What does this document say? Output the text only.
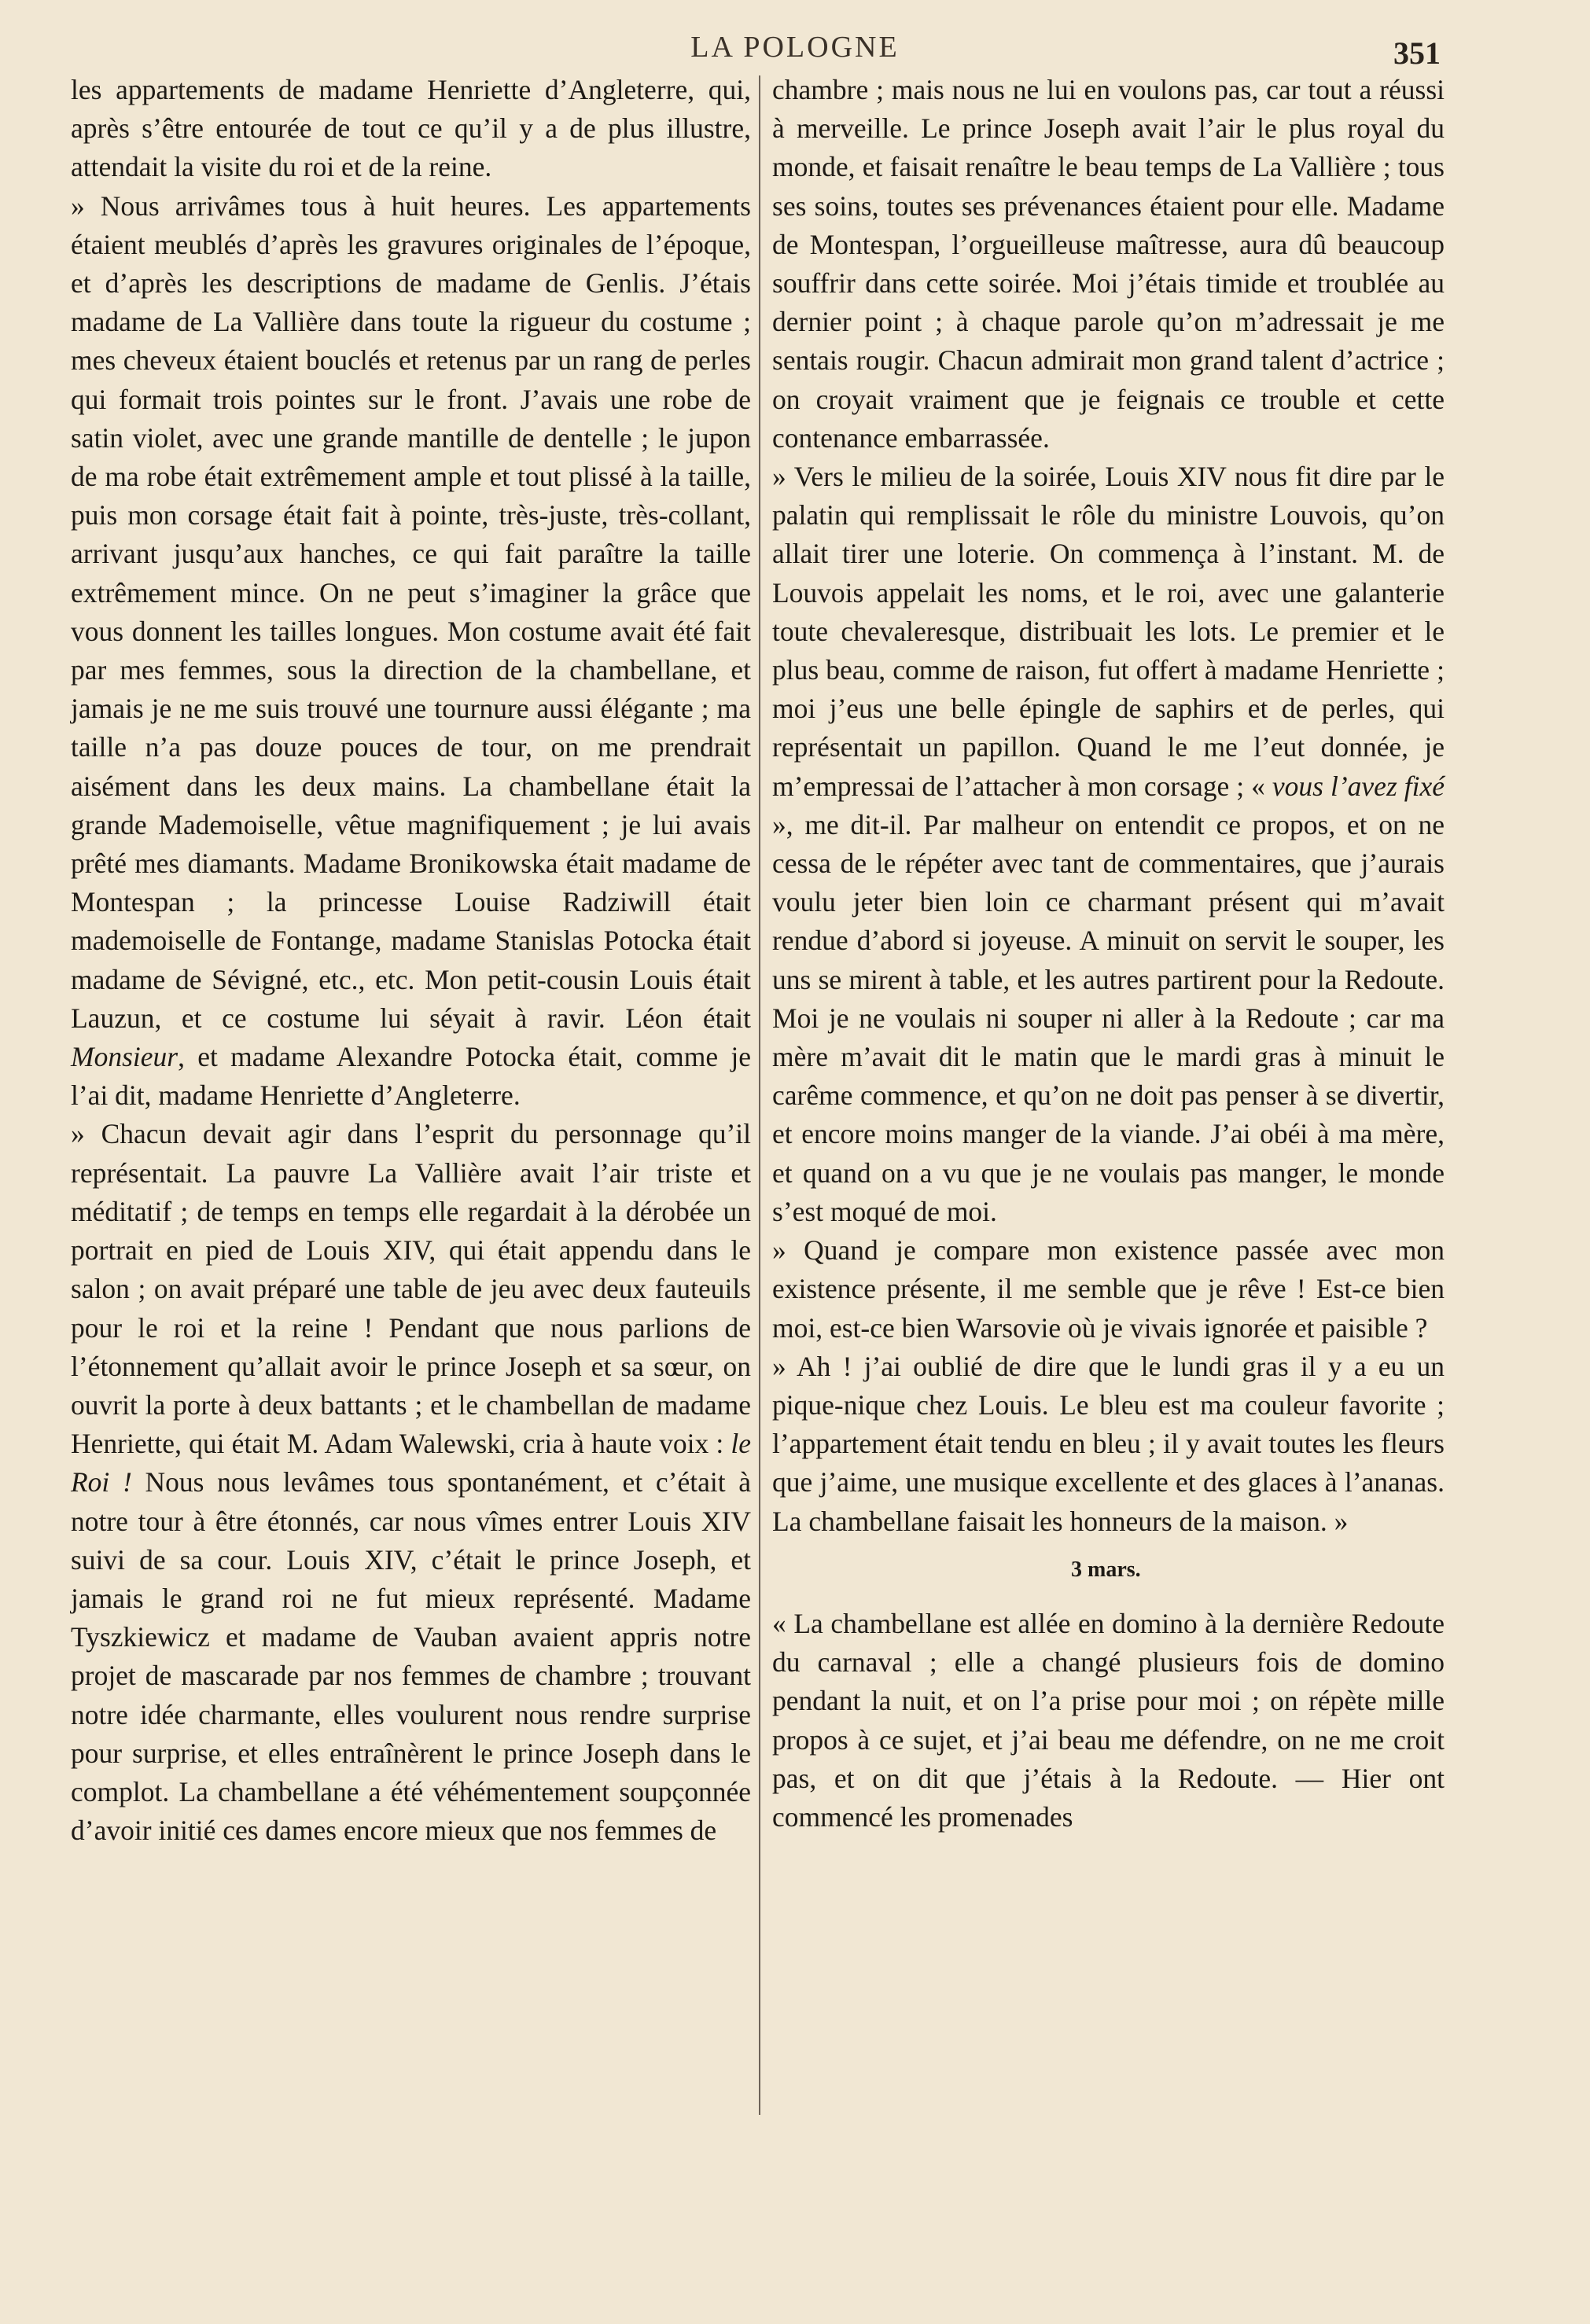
LA POLOGNE	351

les appartements de madame Henriette d’Angleterre, qui, après s’être entourée de tout ce qu’il y a de plus illustre, attendait la visite du roi et de la reine.

» Nous arrivâmes tous à huit heures. Les appartements étaient meublés d’après les gravures originales de l’époque, et d’après les descriptions de madame de Genlis. J’étais madame de La Vallière dans toute la rigueur du costume ; mes cheveux étaient bouclés et retenus par un rang de perles qui formait trois pointes sur le front. J’avais une robe de satin violet, avec une grande mantille de dentelle ; le jupon de ma robe était extrêmement ample et tout plissé à la taille, puis mon corsage était fait à pointe, très-juste, très-collant, arrivant jusqu’aux hanches, ce qui fait paraître la taille extrêmement mince. On ne peut s’imaginer la grâce que vous donnent les tailles longues. Mon costume avait été fait par mes femmes, sous la direction de la chambellane, et jamais je ne me suis trouvé une tournure aussi élégante ; ma taille n’a pas douze pouces de tour, on me prendrait aisément dans les deux mains. La chambellane était la grande Mademoiselle, vêtue magnifiquement ; je lui avais prêté mes diamants. Madame Bronikowska était madame de Montespan ; la princesse Louise Radziwill était mademoiselle de Fontange, madame Stanislas Potocka était madame de Sévigné, etc., etc. Mon petit-cousin Louis était Lauzun, et ce costume lui séyait à ravir. Léon était Monsieur, et madame Alexandre Potocka était, comme je l’ai dit, madame Henriette d’Angleterre.

» Chacun devait agir dans l’esprit du personnage qu’il représentait. La pauvre La Vallière avait l’air triste et méditatif ; de temps en temps elle regardait à la dérobée un portrait en pied de Louis XIV, qui était appendu dans le salon ; on avait préparé une table de jeu avec deux fauteuils pour le roi et la reine ! Pendant que nous parlions de l’étonnement qu’allait avoir le prince Joseph et sa sœur, on ouvrit la porte à deux battants ; et le chambellan de madame Henriette, qui était M. Adam Walewski, cria à haute voix : le Roi ! Nous nous levâmes tous spontanément, et c’était à notre tour à être étonnés, car nous vîmes entrer Louis XIV suivi de sa cour. Louis XIV, c’était le prince Joseph, et jamais le grand roi ne fut mieux représenté. Madame Tyszkiewicz et madame de Vauban avaient appris notre projet de mascarade par nos femmes de chambre ; trouvant notre idée charmante, elles voulurent nous rendre surprise pour surprise, et elles entraînèrent le prince Joseph dans le complot. La chambellane a été véhémentement soupçonnée d’avoir initié ces dames encore mieux que nos femmes de

chambre ; mais nous ne lui en voulons pas, car tout a réussi à merveille. Le prince Joseph avait l’air le plus royal du monde, et faisait renaître le beau temps de La Vallière ; tous ses soins, toutes ses prévenances étaient pour elle. Madame de Montespan, l’orgueilleuse maîtresse, aura dû beaucoup souffrir dans cette soirée. Moi j’étais timide et troublée au dernier point ; à chaque parole qu’on m’adressait je me sentais rougir. Chacun admirait mon grand talent d’actrice ; on croyait vraiment que je feignais ce trouble et cette contenance embarrassée.

» Vers le milieu de la soirée, Louis XIV nous fit dire par le palatin qui remplissait le rôle du ministre Louvois, qu’on allait tirer une loterie. On commença à l’instant. M. de Louvois appelait les noms, et le roi, avec une galanterie toute chevaleresque, distribuait les lots. Le premier et le plus beau, comme de raison, fut offert à madame Henriette ; moi j’eus une belle épingle de saphirs et de perles, qui représentait un papillon. Quand le me l’eut donnée, je m’empressai de l’attacher à mon corsage ; « vous l’avez fixé », me dit-il. Par malheur on entendit ce propos, et on ne cessa de le répéter avec tant de commentaires, que j’aurais voulu jeter bien loin ce charmant présent qui m’avait rendue d’abord si joyeuse. A minuit on servit le souper, les uns se mirent à table, et les autres partirent pour la Redoute. Moi je ne voulais ni souper ni aller à la Redoute ; car ma mère m’avait dit le matin que le mardi gras à minuit le carême commence, et qu’on ne doit pas penser à se divertir, et encore moins manger de la viande. J’ai obéi à ma mère, et quand on a vu que je ne voulais pas manger, le monde s’est moqué de moi.

» Quand je compare mon existence passée avec mon existence présente, il me semble que je rêve ! Est-ce bien moi, est-ce bien Warsovie où je vivais ignorée et paisible ?

» Ah ! j’ai oublié de dire que le lundi gras il y a eu un pique-nique chez Louis. Le bleu est ma couleur favorite ; l’appartement était tendu en bleu ; il y avait toutes les fleurs que j’aime, une musique excellente et des glaces à l’ananas. La chambellane faisait les honneurs de la maison. »

3 mars.

« La chambellane est allée en domino à la dernière Redoute du carnaval ; elle a changé plusieurs fois de domino pendant la nuit, et on l’a prise pour moi ; on répète mille propos à ce sujet, et j’ai beau me défendre, on ne me croit pas, et on dit que j’étais à la Redoute. — Hier ont commencé les promenades
